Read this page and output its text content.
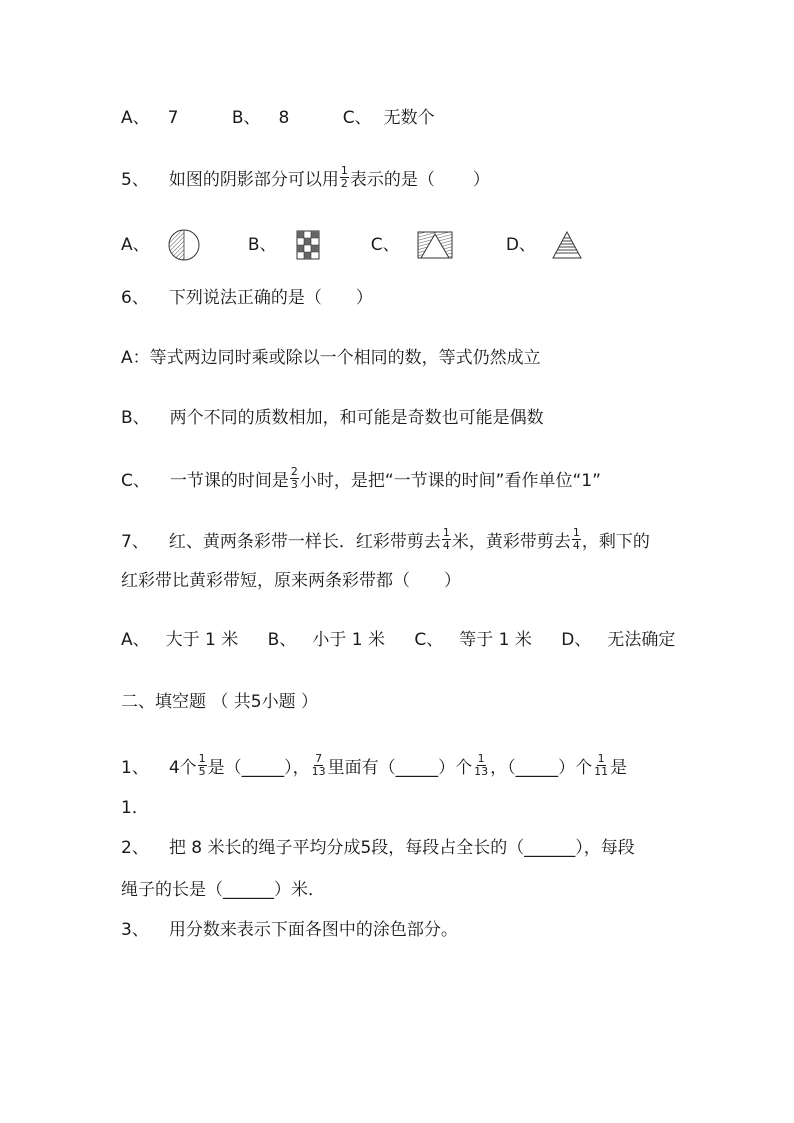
A、 7	B、 8	C、 无数个
5、 如图的阴影部分可以用 $\frac{1}{2}$ 表示的是（ ）
A、	B、	C、	D、
6、 下列说法正确的是（ ）
A：等式两边同时乘或除以一个相同的数，等式仍然成立
B、 两个不同的质数相加，和可能是奇数也可能是偶数
C、 一节课的时间是 $\frac{2}{3}$ 小时，是把“一节课的时间”看作单位“1”
7、 红、黄两条彩带一样长．红彩带剪去 $\frac{1}{4}$ 米，黄彩带剪去 $\frac{1}{4}$ ，剩下的
红彩带比黄彩带短，原来两条彩带都（ ）
A、 大于 1 米 B、 小于 1 米 C、 等于 1 米 D、 无法确定
二、填空题 （ 共5小题 ）
1、 4个 $\frac{1}{5}$ 是（_____）， $\frac{7}{13}$ 里面有（_____）个 $\frac{1}{13}$ ，（_____）个 $\frac{1}{11}$ 是
1．
2、 把 8 米长的绳子平均分成5段，每段占全长的（______），每段
绳子的长是（______）米．
3、 用分数来表示下面各图中的涂色部分。
